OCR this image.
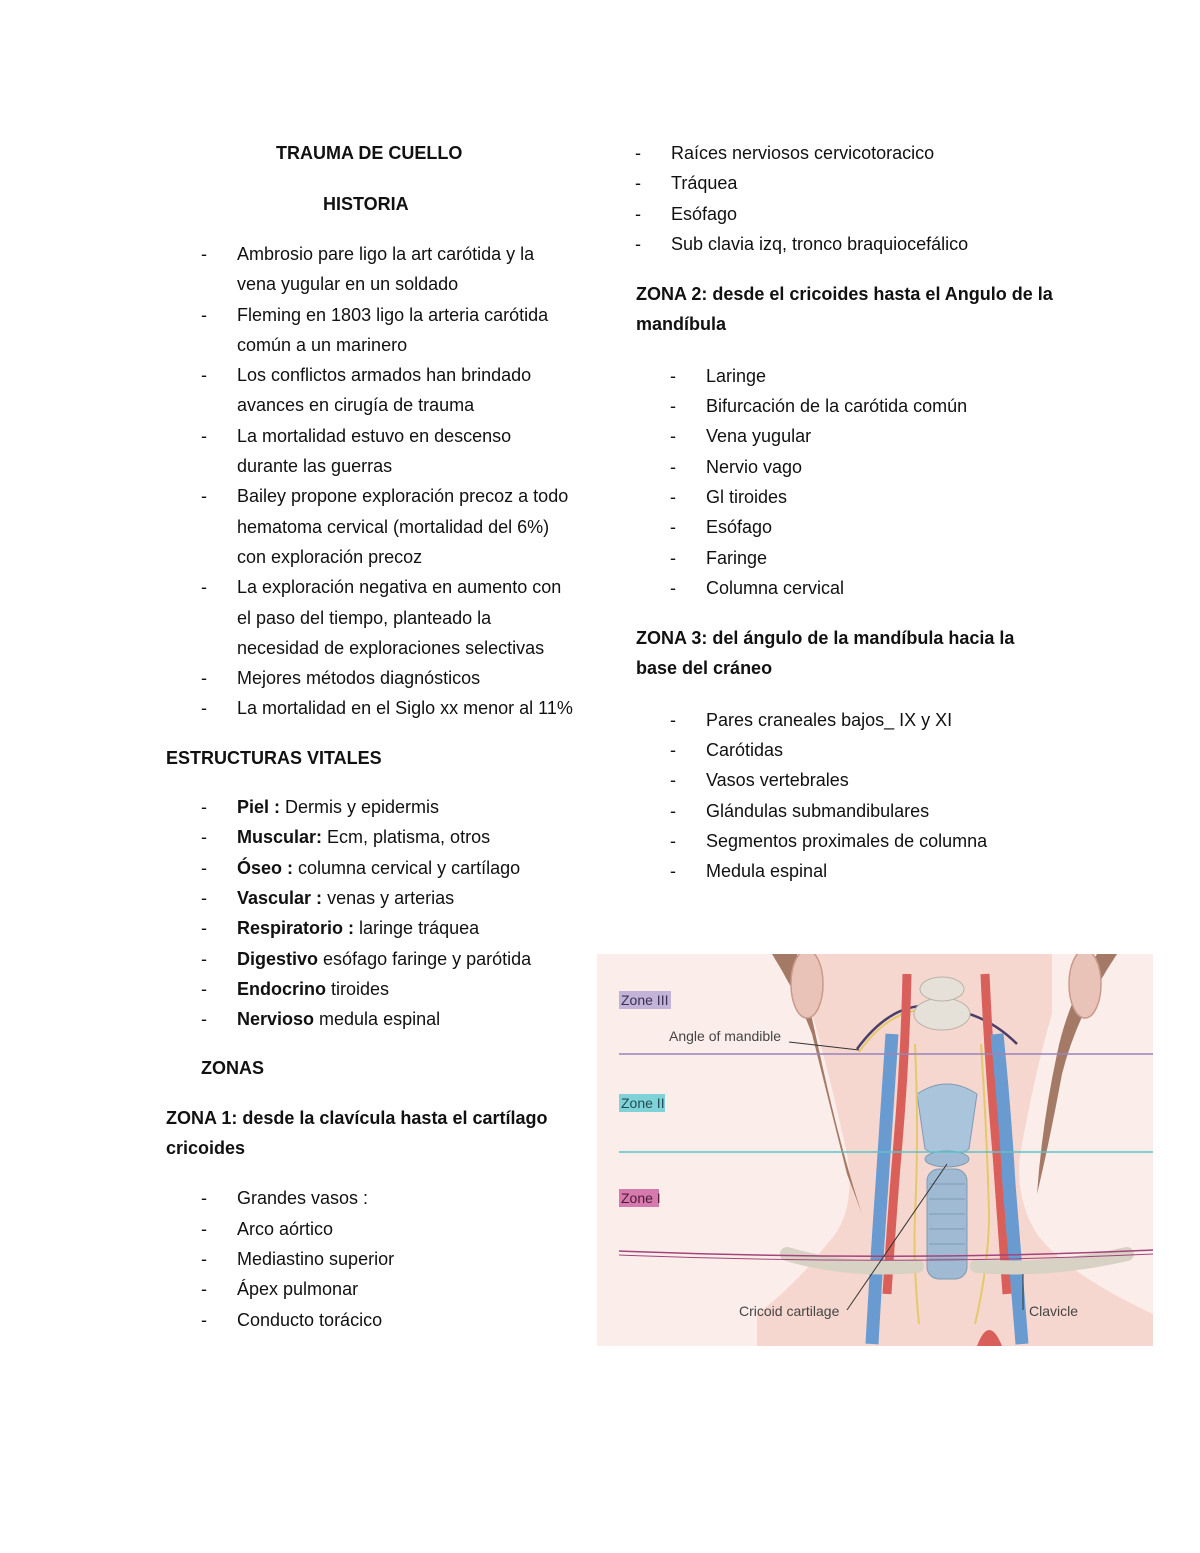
TRAUMA DE CUELLO
HISTORIA
- Ambrosio pare ligo la art carótida y la vena yugular en un soldado
- Fleming en 1803 ligo la arteria carótida común a un marinero
- Los conflictos armados han brindado avances en cirugía de trauma
- La mortalidad estuvo en descenso durante las guerras
- Bailey propone exploración precoz a todo hematoma cervical (mortalidad del 6%) con exploración precoz
- La exploración negativa en aumento con el paso del tiempo, planteado la necesidad de exploraciones selectivas
- Mejores métodos diagnósticos
- La mortalidad en el Siglo xx menor al 11%
ESTRUCTURAS VITALES
- Piel : Dermis y epidermis
- Muscular: Ecm, platisma, otros
- Óseo : columna cervical y cartílago
- Vascular : venas y arterias
- Respiratorio : laringe tráquea
- Digestivo esófago faringe y parótida
- Endocrino tiroides
- Nervioso medula espinal
ZONAS
ZONA 1: desde la clavícula hasta el cartílago cricoides
- Grandes vasos :
- Arco aórtico
- Mediastino superior
- Ápex pulmonar
- Conducto torácico
- Raíces nerviosos cervicotoracico
- Tráquea
- Esófago
- Sub clavia izq, tronco braquiocefálico
ZONA 2: desde el cricoides hasta el Angulo de la mandíbula
- Laringe
- Bifurcación de la carótida común
- Vena yugular
- Nervio vago
- Gl tiroides
- Esófago
- Faringe
- Columna cervical
ZONA 3: del ángulo de la mandíbula hacia la base del cráneo
- Pares craneales bajos_ IX y XI
- Carótidas
- Vasos vertebrales
- Glándulas submandibulares
- Segmentos proximales de columna
- Medula espinal
Zone III
Zone II
Zone I
Angle of mandible
Cricoid cartilage	Clavicle
